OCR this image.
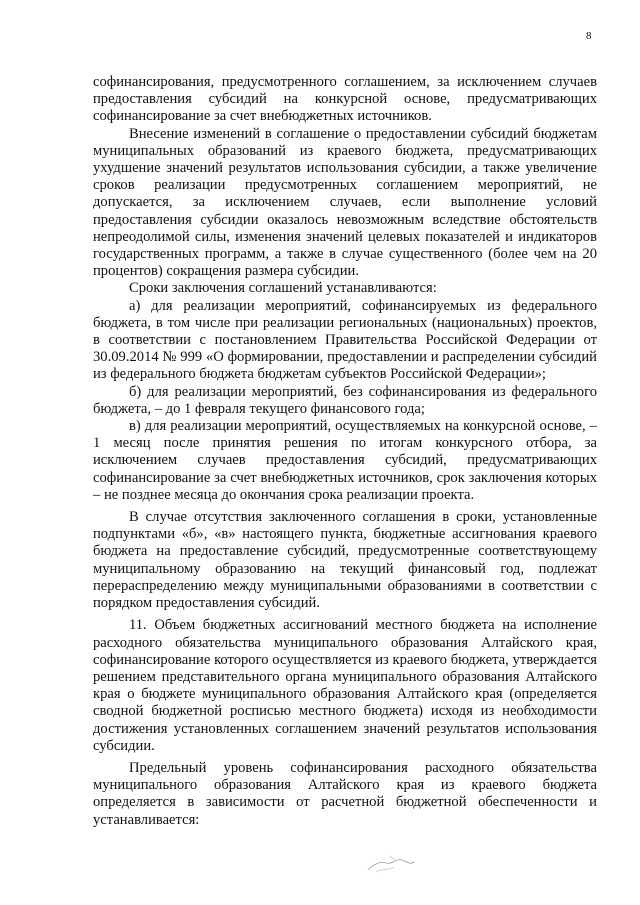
8

софинансирования, предусмотренного соглашением, за исключением случаев предоставления субсидий на конкурсной основе, предусматривающих софинансирование за счет внебюджетных источников.

Внесение изменений в соглашение о предоставлении субсидий бюджетам муниципальных образований из краевого бюджета, предусматривающих ухудшение значений результатов использования субсидии, а также увеличение сроков реализации предусмотренных соглашением мероприятий, не допускается, за исключением случаев, если выполнение условий предоставления субсидии оказалось невозможным вследствие обстоятельств непреодолимой силы, изменения значений целевых показателей и индикаторов государственных программ, а также в случае существенного (более чем на 20 процентов) сокращения размера субсидии.

Сроки заключения соглашений устанавливаются:

а) для реализации мероприятий, софинансируемых из федерального бюджета, в том числе при реализации региональных (национальных) проектов, в соответствии с постановлением Правительства Российской Федерации от 30.09.2014 № 999 «О формировании, предоставлении и распределении субсидий из федерального бюджета бюджетам субъектов Российской Федерации»;

б) для реализации мероприятий, без софинансирования из федерального бюджета, – до 1 февраля текущего финансового года;

в) для реализации мероприятий, осуществляемых на конкурсной основе, – 1 месяц после принятия решения по итогам конкурсного отбора, за исключением случаев предоставления субсидий, предусматривающих софинансирование за счет внебюджетных источников, срок заключения которых – не позднее месяца до окончания срока реализации проекта.

В случае отсутствия заключенного соглашения в сроки, установленные подпунктами «б», «в» настоящего пункта, бюджетные ассигнования краевого бюджета на предоставление субсидий, предусмотренные соответствующему муниципальному образованию на текущий финансовый год, подлежат перераспределению между муниципальными образованиями в соответствии с порядком предоставления субсидий.

11. Объем бюджетных ассигнований местного бюджета на исполнение расходного обязательства муниципального образования Алтайского края, софинансирование которого осуществляется из краевого бюджета, утверждается решением представительного органа муниципального образования Алтайского края о бюджете муниципального образования Алтайского края (определяется сводной бюджетной росписью местного бюджета) исходя из необходимости достижения установленных соглашением значений результатов использования субсидии.

Предельный уровень софинансирования расходного обязательства муниципального образования Алтайского края из краевого бюджета определяется в зависимости от расчетной бюджетной обеспеченности и устанавливается:
